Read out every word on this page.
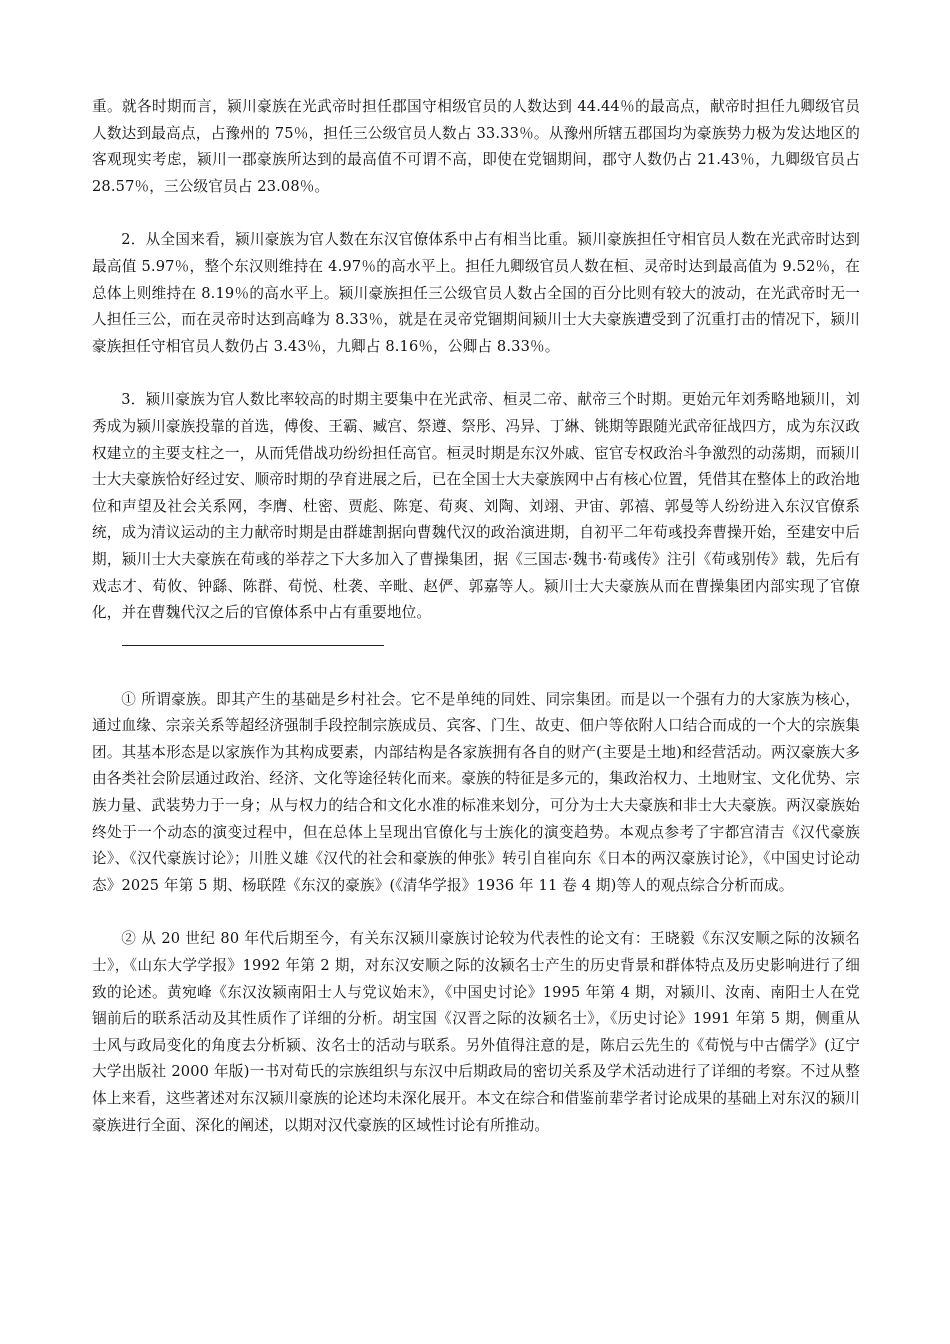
重。就各时期而言，颍川豪族在光武帝时担任郡国守相级官员的人数达到 44.44％的最高点，献帝时担任九卿级官员人数达到最高点，占豫州的 75％，担任三公级官员人数占 33.33％。从豫州所辖五郡国均为豪族势力极为发达地区的客观现实考虑，颍川一郡豪族所达到的最高值不可谓不高，即使在党锢期间，郡守人数仍占 21.43％，九卿级官员占 28.57％，三公级官员占 23.08％。

2．从全国来看，颍川豪族为官人数在东汉官僚体系中占有相当比重。颍川豪族担任守相官员人数在光武帝时达到最高值 5.97％，整个东汉则维持在 4.97％的高水平上。担任九卿级官员人数在桓、灵帝时达到最高值为 9.52％，在总体上则维持在 8.19％的高水平上。颍川豪族担任三公级官员人数占全国的百分比则有较大的波动，在光武帝时无一人担任三公，而在灵帝时达到高峰为 8.33％，就是在灵帝党锢期间颍川士大夫豪族遭受到了沉重打击的情况下，颍川豪族担任守相官员人数仍占 3.43％，九卿占 8.16％，公卿占 8.33％。

3．颍川豪族为官人数比率较高的时期主要集中在光武帝、桓灵二帝、献帝三个时期。更始元年刘秀略地颍川，刘秀成为颍川豪族投靠的首选，傅俊、王霸、臧宫、祭遵、祭彤、冯异、丁綝、铫期等跟随光武帝征战四方，成为东汉政权建立的主要支柱之一，从而凭借战功纷纷担任高官。桓灵时期是东汉外戚、宦官专权政治斗争激烈的动荡期，而颍川士大夫豪族恰好经过安、顺帝时期的孕育进展之后，已在全国士大夫豪族网中占有核心位置，凭借其在整体上的政治地位和声望及社会关系网，李膺、杜密、贾彪、陈寔、荀爽、刘陶、刘翊、尹宙、郭禧、郭曼等人纷纷进入东汉官僚系统，成为清议运动的主力献帝时期是由群雄割据向曹魏代汉的政治演进期，自初平二年荀彧投奔曹操开始，至建安中后期，颍川士大夫豪族在荀彧的举荐之下大多加入了曹操集团，据《三国志·魏书·荀彧传》注引《荀彧别传》载，先后有戏志才、荀攸、钟繇、陈群、荀悦、杜袭、辛毗、赵俨、郭嘉等人。颍川士大夫豪族从而在曹操集团内部实现了官僚化，并在曹魏代汉之后的官僚体系中占有重要地位。

① 所谓豪族。即其产生的基础是乡村社会。它不是单纯的同姓、同宗集团。而是以一个强有力的大家族为核心，通过血缘、宗亲关系等超经济强制手段控制宗族成员、宾客、门生、故吏、佃户等依附人口结合而成的一个大的宗族集团。其基本形态是以家族作为其构成要素，内部结构是各家族拥有各自的财产(主要是土地)和经营活动。两汉豪族大多由各类社会阶层通过政治、经济、文化等途径转化而来。豪族的特征是多元的，集政治权力、土地财宝、文化优势、宗族力量、武装势力于一身；从与权力的结合和文化水准的标准来划分，可分为士大夫豪族和非士大夫豪族。两汉豪族始终处于一个动态的演变过程中，但在总体上呈现出官僚化与士族化的演变趋势。本观点参考了宇都宫清吉《汉代豪族论》、《汉代豪族讨论》；川胜义雄《汉代的社会和豪族的伸张》转引自崔向东《日本的两汉豪族讨论》，《中国史讨论动态》2025 年第 5 期、杨联陞《东汉的豪族》(《清华学报》1936 年 11 卷 4 期)等人的观点综合分析而成。

② 从 20 世纪 80 年代后期至今，有关东汉颍川豪族讨论较为代表性的论文有：王晓毅《东汉安顺之际的汝颍名士》，《山东大学学报》1992 年第 2 期，对东汉安顺之际的汝颍名士产生的历史背景和群体特点及历史影响进行了细致的论述。黄宛峰《东汉汝颍南阳士人与党议始末》，《中国史讨论》1995 年第 4 期，对颍川、汝南、南阳士人在党锢前后的联系活动及其性质作了详细的分析。胡宝国《汉晋之际的汝颍名士》，《历史讨论》1991 年第 5 期，侧重从士风与政局变化的角度去分析颍、汝名士的活动与联系。另外值得注意的是，陈启云先生的《荀悦与中古儒学》(辽宁大学出版社 2000 年版)一书对荀氏的宗族组织与东汉中后期政局的密切关系及学术活动进行了详细的考察。不过从整体上来看，这些著述对东汉颍川豪族的论述均未深化展开。本文在综合和借鉴前辈学者讨论成果的基础上对东汉的颍川豪族进行全面、深化的阐述，以期对汉代豪族的区域性讨论有所推动。
